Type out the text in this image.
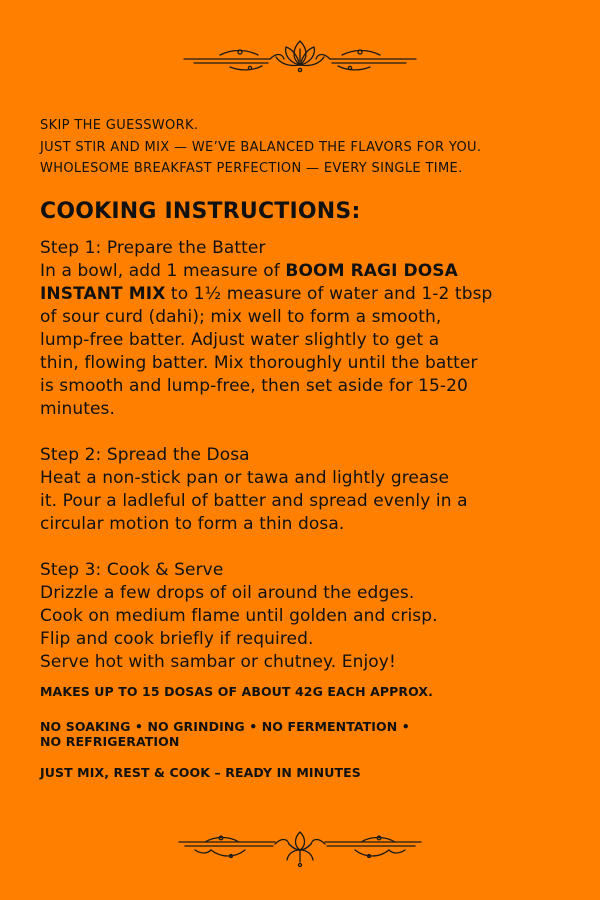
SKIP THE GUESSWORK.
JUST STIR AND MIX — WE’VE BALANCED THE FLAVORS FOR YOU.
WHOLESOME BREAKFAST PERFECTION — EVERY SINGLE TIME.
COOKING INSTRUCTIONS:
Step 1: Prepare the Batter

In a bowl, add 1 measure of BOOM RAGI DOSA
INSTANT MIX to 1½ measure of water and 1-2 tbsp
of sour curd (dahi); mix well to form a smooth,
lump-free batter. Adjust water slightly to get a
thin, flowing batter. Mix thoroughly until the batter
is smooth and lump-free, then set aside for 15-20
minutes.

Step 2: Spread the Dosa

Heat a non-stick pan or tawa and lightly grease
it. Pour a ladleful of batter and spread evenly in a
circular motion to form a thin dosa.

Step 3: Cook & Serve

Drizzle a few drops of oil around the edges.
Cook on medium flame until golden and crisp.
Flip and cook briefly if required.
Serve hot with sambar or chutney. Enjoy!

MAKES UP TO 15 DOSAS OF ABOUT 42G EACH APPROX.
NO SOAKING • NO GRINDING • NO FERMENTATION •
NO REFRIGERATION
JUST MIX, REST & COOK – READY IN MINUTES
